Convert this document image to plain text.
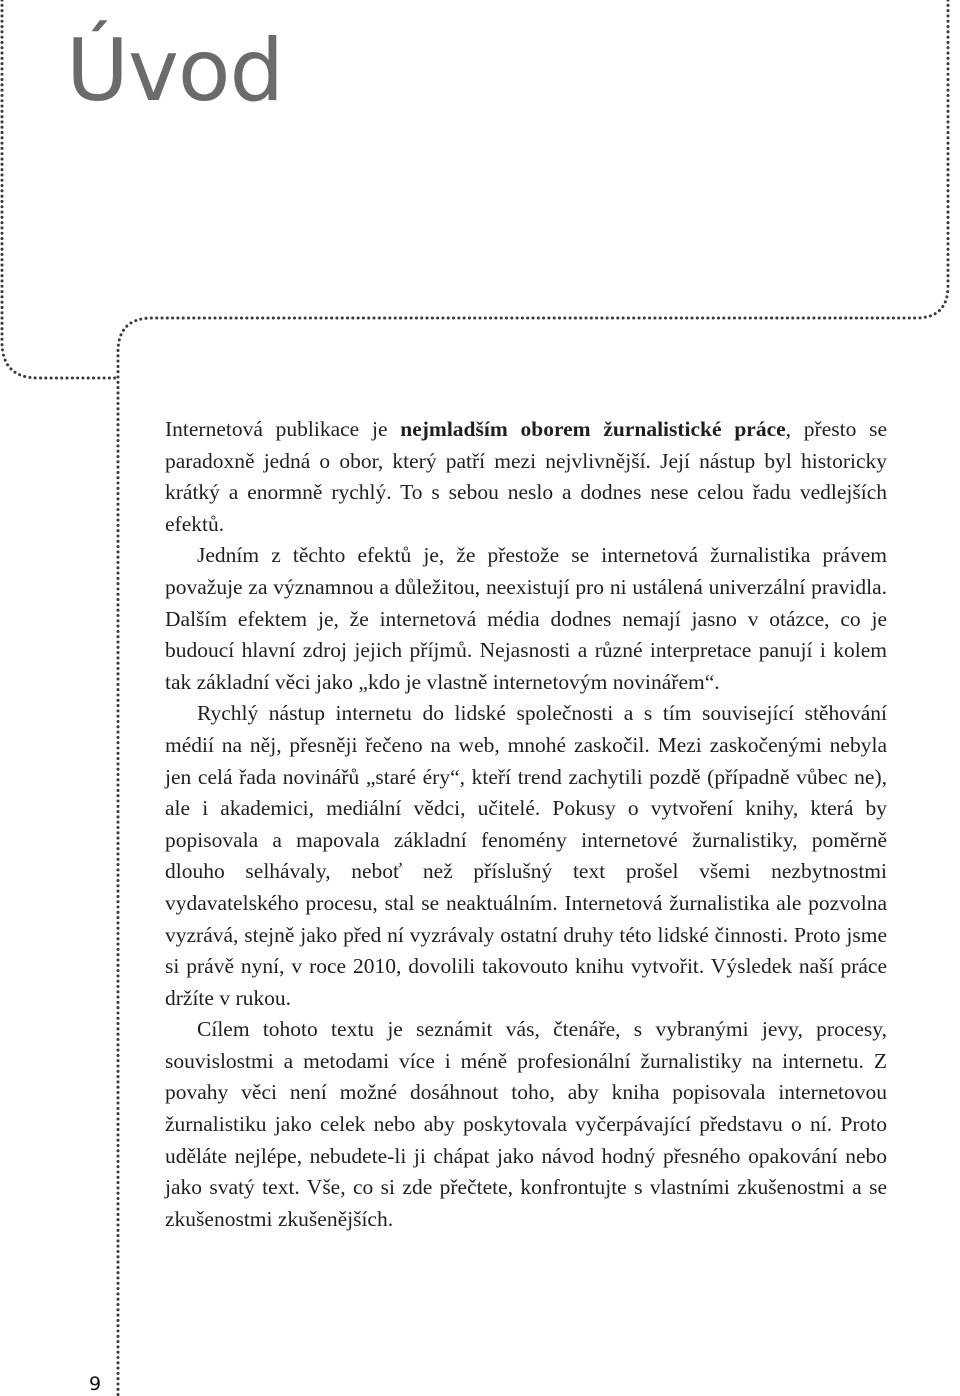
Úvod

Internetová publikace je nejmladším oborem žurnalistické práce, přesto se paradoxně jedná o obor, který patří mezi nejvlivnější. Její nástup byl historicky krátký a enormně rychlý. To s sebou neslo a dodnes nese celou řadu vedlejších efektů.

Jedním z těchto efektů je, že přestože se internetová žurnalistika právem považuje za významnou a důležitou, neexistují pro ni ustálená univerzální pravidla. Dalším efektem je, že internetová média dodnes nemají jasno v otázce, co je budoucí hlavní zdroj jejich příjmů. Nejasnosti a různé interpretace panují i kolem tak základní věci jako „kdo je vlastně internetovým novinářem“.

Rychlý nástup internetu do lidské společnosti a s tím související stěhování médií na něj, přesněji řečeno na web, mnohé zaskočil. Mezi zaskočenými nebyla jen celá řada novinářů „staré éry“, kteří trend zachytili pozdě (případně vůbec ne), ale i akademici, mediální vědci, učitelé. Pokusy o vytvoření knihy, která by popisovala a mapovala základní fenomény internetové žurnalistiky, poměrně dlouho selhávaly, neboť než příslušný text prošel všemi nezbytnostmi vydavatelského procesu, stal se neaktuálním. Internetová žurnalistika ale pozvolna vyzrává, stejně jako před ní vyzrávaly ostatní druhy této lidské činnosti. Proto jsme si právě nyní, v roce 2010, dovolili takovouto knihu vytvořit. Výsledek naší práce držíte v rukou.

Cílem tohoto textu je seznámit vás, čtenáře, s vybranými jevy, procesy, souvislostmi a metodami více i méně profesionální žurnalistiky na internetu. Z povahy věci není možné dosáhnout toho, aby kniha popisovala internetovou žurnalistiku jako celek nebo aby poskytovala vyčerpávající představu o ní. Proto uděláte nejlépe, nebudete-li ji chápat jako návod hodný přesného opakování nebo jako svatý text. Vše, co si zde přečtete, konfrontujte s vlastními zkušenostmi a se zkušenostmi zkušenějších.

9
